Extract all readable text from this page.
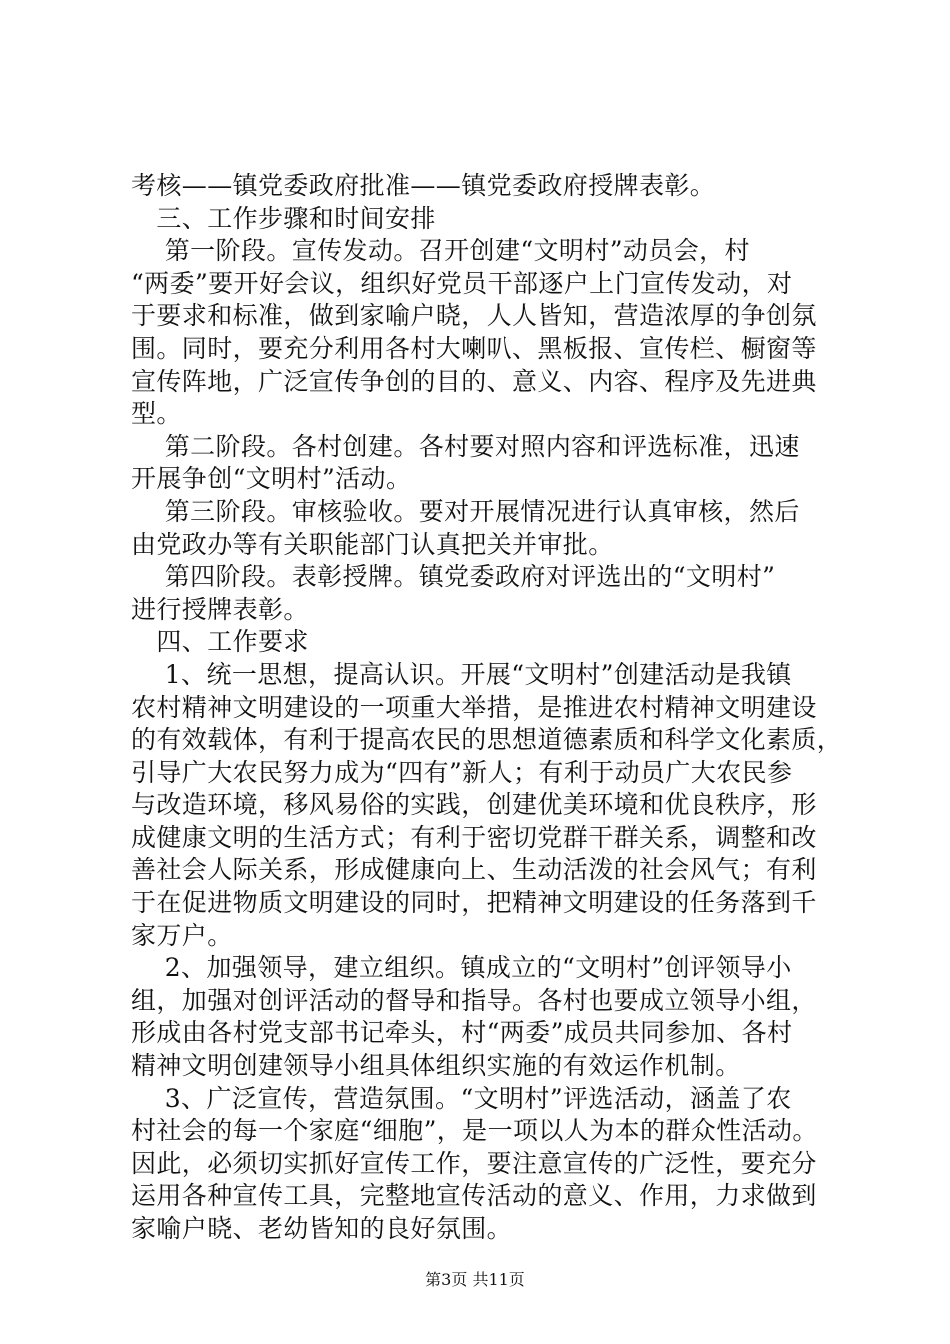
考核——镇党委政府批准——镇党委政府授牌表彰。
　三、工作步骤和时间安排
　 第一阶段。宣传发动。召开创建“文明村”动员会，村
“两委”要开好会议，组织好党员干部逐户上门宣传发动，对
于要求和标准，做到家喻户晓，人人皆知，营造浓厚的争创氛
围。同时，要充分利用各村大喇叭、黑板报、宣传栏、橱窗等
宣传阵地，广泛宣传争创的目的、意义、内容、程序及先进典
型。
　 第二阶段。各村创建。各村要对照内容和评选标准，迅速
开展争创“文明村”活动。
　 第三阶段。审核验收。要对开展情况进行认真审核，然后
由党政办等有关职能部门认真把关并审批。
　 第四阶段。表彰授牌。镇党委政府对评选出的“文明村”
进行授牌表彰。
　四、工作要求
　 1、统一思想，提高认识。开展“文明村”创建活动是我镇
农村精神文明建设的一项重大举措，是推进农村精神文明建设
的有效载体，有利于提高农民的思想道德素质和科学文化素质，
引导广大农民努力成为“四有”新人；有利于动员广大农民参
与改造环境，移风易俗的实践，创建优美环境和优良秩序，形
成健康文明的生活方式；有利于密切党群干群关系，调整和改
善社会人际关系，形成健康向上、生动活泼的社会风气；有利
于在促进物质文明建设的同时，把精神文明建设的任务落到千
家万户。
　 2、加强领导，建立组织。镇成立的“文明村”创评领导小
组，加强对创评活动的督导和指导。各村也要成立领导小组，
形成由各村党支部书记牵头，村“两委”成员共同参加、各村
精神文明创建领导小组具体组织实施的有效运作机制。
　 3、广泛宣传，营造氛围。“文明村”评选活动，涵盖了农
村社会的每一个家庭“细胞”，是一项以人为本的群众性活动。
因此，必须切实抓好宣传工作，要注意宣传的广泛性，要充分
运用各种宣传工具，完整地宣传活动的意义、作用，力求做到
家喻户晓、老幼皆知的良好氛围。
第3页 共11页
